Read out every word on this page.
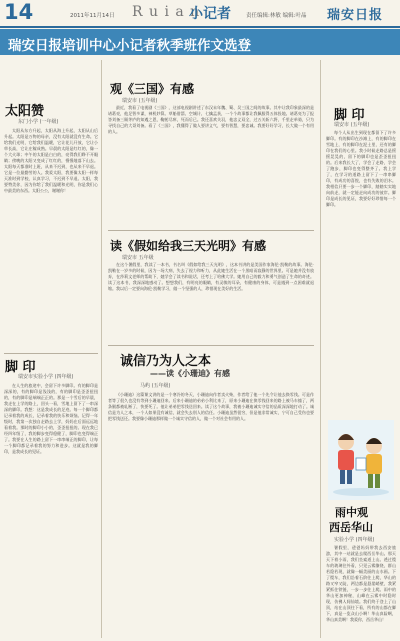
14	2011年11月14日 R u i a n
小记者	责任编辑:林敏 编辑:叶晶 瑞安日报
瑞安日报培训中心小记者秋季班作文选登
太阳赞
东门小学 (一年级)
太阳从东方升起，太阳从海上升起，太阳从山后升起。太阳是万物的母亲，没有太阳就没有生命。它给我们光明，它给我们温暖，它让花儿开放，它让小草长高，它让庄稼成熟。早晨的太阳是红红的，像一个大火球；中午的太阳是白白的，亮得我们睁不开眼睛；傍晚的太阳又变成了红红的，慢慢地落下山去。太阳每天都准时上班，从来不迟到，也从来不早退。它是一位最勤劳的人。我爱太阳，我要像太阳一样每天准时到学校，认真学习，不迟到不早退。太阳，我要赞美你，因为你给了我们温暖和光明，你是我们心中最美的东西。太阳公公，谢谢你！
脚 印
瑞安市实验小学 (四年级)
在人生的旅途中，会留下许多脚印。有的脚印是深深的，有的脚印是浅浅的，有的脚印是歪歪扭扭的，有的脚印是端端正正的。那是一个雪后的早晨，我走在上学的路上，回头一看，雪地上留下了一串深深的脚印。我想：这是我成长的足迹。每一个脚印都记录着我的成长，记录着我的快乐和烦恼。记得一年级时，我第一次独自走路去上学，妈妈在后面远远地看着我。那时的脚印小小的，歪歪扭扭的。现在我已经四年级了，我的脚步变得稳健了，脚印也变得端正了。我要在人生的路上留下一串串端正的脚印，让每一个脚印都记录着我的努力和进步。这就是我的脚印，是我成长的见证。
观《三国》有感
瑞安市 (五年级)
最近，我看了电视剧《三国》，这部电视剧讲述了东汉末年魏、蜀、吴三国之间的故事。其中让我印象最深的是诸葛亮，他足智多谋，神机妙算。草船借箭、空城计、七擒孟获，一个个故事都让我佩服得五体投地。诸葛亮为了报答刘备三顾茅庐的知遇之恩，鞠躬尽瘁，死而后已。我还喜欢关羽，他忠义双全，过五关斩六将，千里走单骑，只为寻找自己的大哥刘备。看了《三国》，我懂得了做人要讲义气，要有智慧，要忠诚。我要好好学习，长大做一个有用的人。
读《假如给我三天光明》有感
瑞安市 五年级
在这个暑假里，我读了一本书，书名叫《假如给我三天光明》，这本书讲的是美国作家海伦·凯勒的故事。海伦·凯勒在一岁多的时候，因为一场大病，失去了视力和听力，从此她生活在一个黑暗而寂静的世界里。可是她并没有放弃，在莎莉文老师的帮助下，她学会了读书和说话，还考上了哈佛大学。她用自己的毅力和勇气创造了生命的奇迹。读了这本书，我深深地感动了。想想我们，有明亮的眼睛，有灵敏的耳朵，有健康的身体，可是遇到一点困难就退缩。我以后一定要向海伦·凯勒学习，做一个坚强的人，珍惜现在美好的生活。
诚信乃为人之本
——读《小珊迪》有感
马屿 (五年级)
《小珊迪》这篇课文讲的是一个寒冷的冬天，小珊迪向作者卖火柴，作者给了他一个先令让他去换零钱。可是作者等了很久也没有等到小珊迪回来。后来小珊迪的弟弟小利比来了，原来小珊迪在换零钱回来的路上被马车撞了，两条腿都被轧断了，快要死了。他让弟弟把零钱送回来。读了这个故事，我被小珊迪诚实守信的品质深深地打动了。诚信是为人之本，一个人如果没有诚信，就会失去别人的信任。小珊迪虽然很穷，但是他非常诚实，宁可自己受伤也要把零钱送还。我要像小珊迪那样做一个诚实守信的人，做一个对社会有用的人。
脚 印
瑞安市 (五年级)
每个人从出生到现在都留下了许多脚印。有的脚印在沙滩上，有的脚印在雪地上，有的脚印在泥土里，还有的脚印在我们的心里。我小时候走路总是摇摇晃晃的，留下的脚印也是歪歪扭扭的。后来我长大了，学会了走路，学会了跑步，脚印也变得整齐了。我上学了，在学习的道路上留下了一串串脚印，有成功的喜悦，也有失败的泪水。我相信只要一步一个脚印，踏踏实实地向前走，就一定能走向成功的彼岸。脚印是成长的见证，我要好好珍惜每一个脚印。
雨中观
西岳华山
实验小学 (四年级)
暑假里，爸爸妈妈带我去西安旅游，其中一站就是去爬西岳华山。那天天下着小雨，我们坐索道上山。透过缆车的玻璃往外看，只见云雾缭绕，群山若隐若现，就像一幅美丽的山水画。下了缆车，我们沿着石阶往上爬，华山的路又窄又陡，两边都是悬崖峭壁，我紧紧抓住铁链，一步一步往上爬。雨中的华山更加神秘，山峰在云雾中时隐时现，仿佛人间仙境。我们终于登上了山顶，站在山顶往下看，所有的山都在脚下，真是一览众山小啊！华山真险啊，华山真美啊！我爱你，西岳华山！
